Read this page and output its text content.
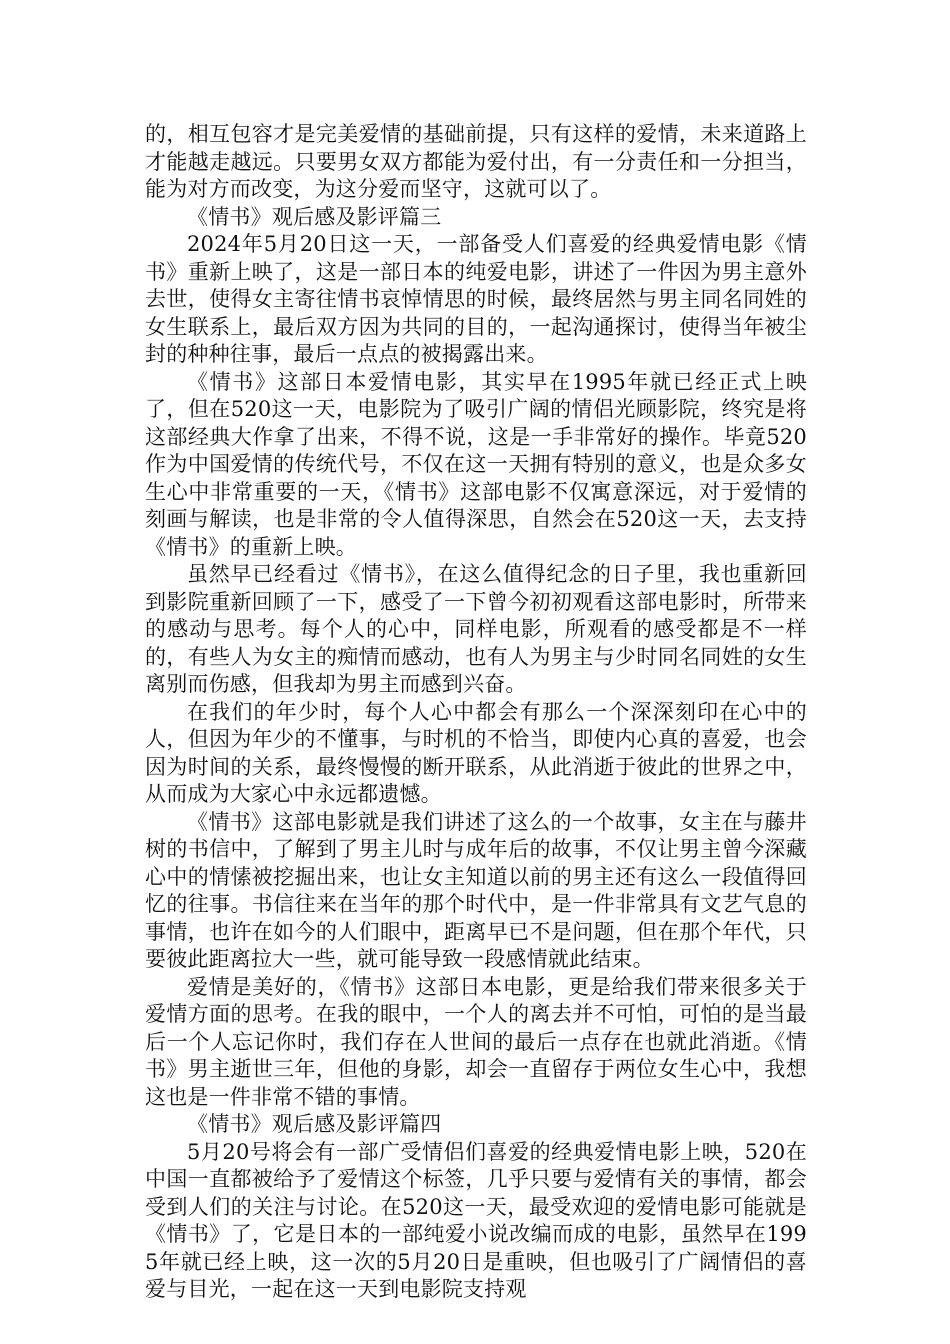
的，相互包容才是完美爱情的基础前提，只有这样的爱情，未来道路上才能越走越远。只要男女双方都能为爱付出，有一分责任和一分担当，能为对方而改变，为这分爱而坚守，这就可以了。

《情书》观后感及影评篇三

2024年5月20日这一天，一部备受人们喜爱的经典爱情电影《情书》重新上映了，这是一部日本的纯爱电影，讲述了一件因为男主意外去世，使得女主寄往情书哀悼情思的时候，最终居然与男主同名同姓的女生联系上，最后双方因为共同的目的，一起沟通探讨，使得当年被尘封的种种往事，最后一点点的被揭露出来。

《情书》这部日本爱情电影，其实早在1995年就已经正式上映了，但在520这一天，电影院为了吸引广阔的情侣光顾影院，终究是将这部经典大作拿了出来，不得不说，这是一手非常好的操作。毕竟520作为中国爱情的传统代号，不仅在这一天拥有特别的意义，也是众多女生心中非常重要的一天，《情书》这部电影不仅寓意深远，对于爱情的刻画与解读，也是非常的令人值得深思，自然会在520这一天，去支持《情书》的重新上映。

虽然早已经看过《情书》，在这么值得纪念的日子里，我也重新回到影院重新回顾了一下，感受了一下曾今初初观看这部电影时，所带来的感动与思考。每个人的心中，同样电影，所观看的感受都是不一样的，有些人为女主的痴情而感动，也有人为男主与少时同名同姓的女生离别而伤感，但我却为男主而感到兴奋。

在我们的年少时，每个人心中都会有那么一个深深刻印在心中的人，但因为年少的不懂事，与时机的不恰当，即使内心真的喜爱，也会因为时间的关系，最终慢慢的断开联系，从此消逝于彼此的世界之中，从而成为大家心中永远都遗憾。

《情书》这部电影就是我们讲述了这么的一个故事，女主在与藤井树的书信中，了解到了男主儿时与成年后的故事，不仅让男主曾今深藏心中的情愫被挖掘出来，也让女主知道以前的男主还有这么一段值得回忆的往事。书信往来在当年的那个时代中，是一件非常具有文艺气息的事情，也许在如今的人们眼中，距离早已不是问题，但在那个年代，只要彼此距离拉大一些，就可能导致一段感情就此结束。

爱情是美好的，《情书》这部日本电影，更是给我们带来很多关于爱情方面的思考。在我的眼中，一个人的离去并不可怕，可怕的是当最后一个人忘记你时，我们存在人世间的最后一点存在也就此消逝。《情书》男主逝世三年，但他的身影，却会一直留存于两位女生心中，我想这也是一件非常不错的事情。

《情书》观后感及影评篇四

5月20号将会有一部广受情侣们喜爱的经典爱情电影上映，520在中国一直都被给予了爱情这个标签，几乎只要与爱情有关的事情，都会受到人们的关注与讨论。在520这一天，最受欢迎的爱情电影可能就是《情书》了，它是日本的一部纯爱小说改编而成的电影，虽然早在1995年就已经上映，这一次的5月20日是重映，但也吸引了广阔情侣的喜爱与目光，一起在这一天到电影院支持观
